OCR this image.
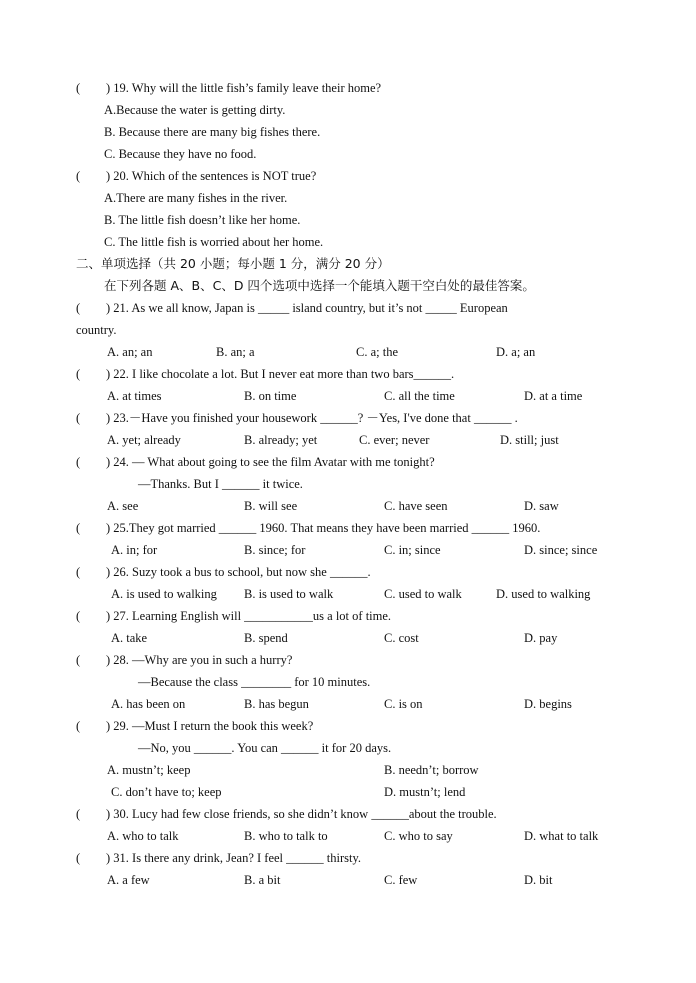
( ) 19. Why will the little fish’s family leave their home?
A.Because the water is getting dirty.
B. Because there are many big fishes there.
C. Because they have no food.
( ) 20. Which of the sentences is NOT true?
A.There are many fishes in the river.
B. The little fish doesn’t like her home.
C. The little fish is worried about her home.
二、单项选择（共 20 小题；每小题 1 分，满分 20 分）
在下列各题 A、B、C、D 四个选项中选择一个能填入题干空白处的最佳答案。
( ) 21. As we all know, Japan is _____ island country, but it’s not _____ European
country.
A. an; an	B. an; a	C. a; the	D. a; an
( ) 22. I like chocolate a lot. But I never eat more than two bars______.
A. at times	B. on time	C. all the time	D. at a time
( ) 23.－Have you finished your housework ______? －Yes, I've done that ______ .
A. yet; already	B. already; yet	C. ever; never	D. still; just
( ) 24. — What about going to see the film Avatar with me tonight?
—Thanks. But I ______ it twice.
A. see	B. will see	C. have seen	D. saw
( ) 25.They got married ______ 1960. That means they have been married ______ 1960.
A. in; for	B. since; for	C. in; since	D. since; since
( ) 26. Suzy took a bus to school, but now she ______.
A. is used to walking B. is used to walk	C. used to walk	D. used to walking
( ) 27. Learning English will ___________us a lot of time.
A. take	B. spend	C. cost	D. pay
( ) 28. —Why are you in such a hurry?
—Because the class ________ for 10 minutes.
A. has been on	B. has begun	C. is on	D. begins
( ) 29. —Must I return the book this week?
—No, you ______. You can ______ it for 20 days.
A. mustn’t; keep	B. needn’t; borrow
C. don’t have to; keep	D. mustn’t; lend
( ) 30. Lucy had few close friends, so she didn’t know ______about the trouble.
A. who to talk	B. who to talk to	C. who to say	D. what to talk
( ) 31. Is there any drink, Jean? I feel ______ thirsty.
A. a few	B. a bit	C. few	D. bit
